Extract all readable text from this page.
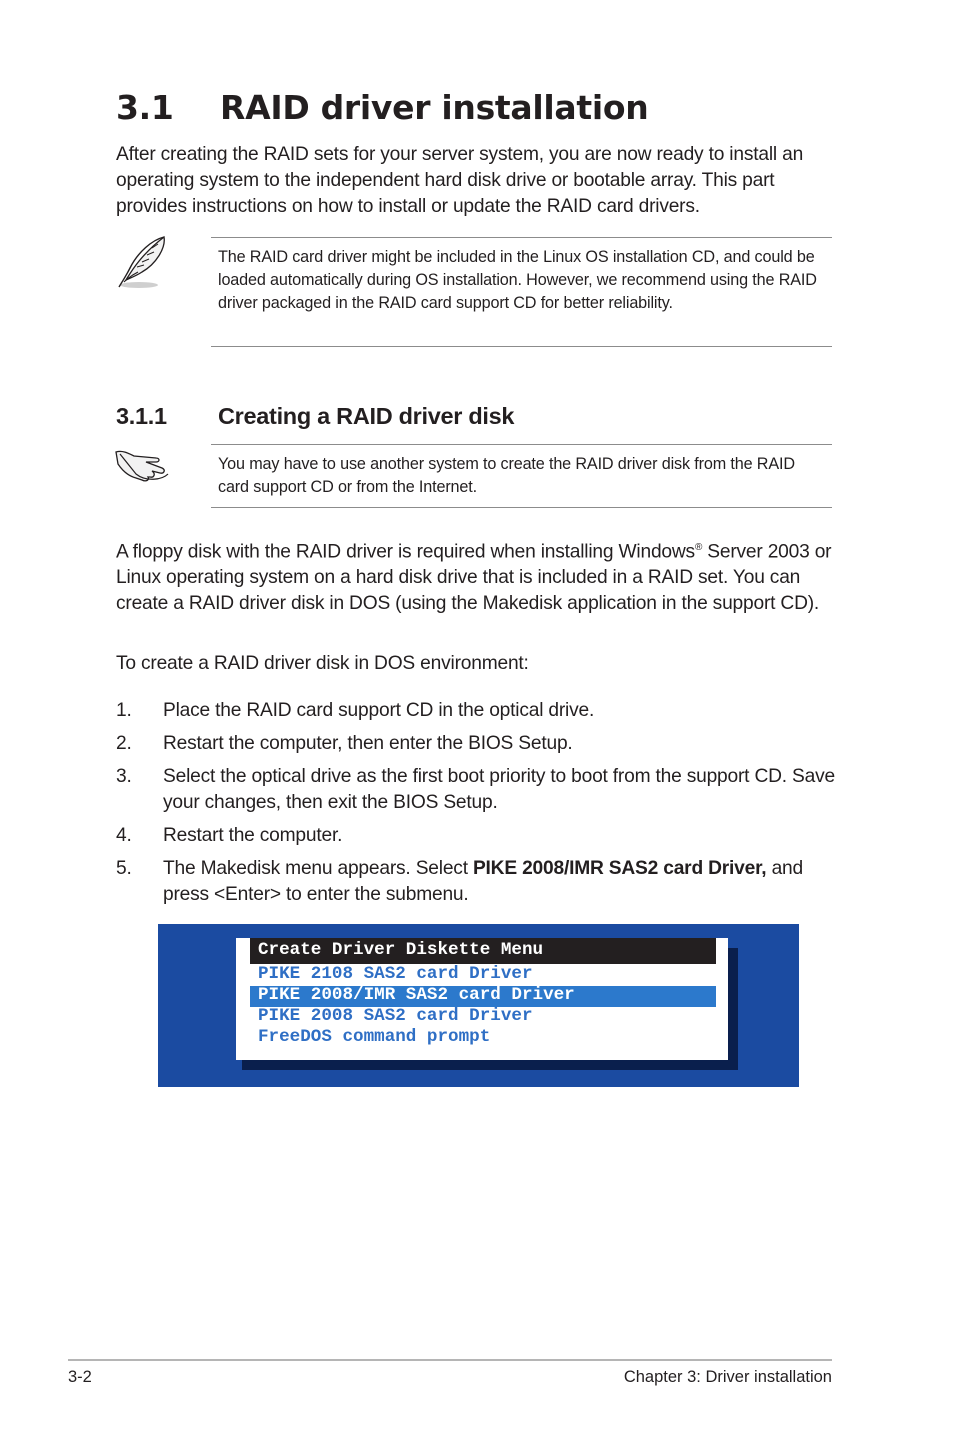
3.1 RAID driver installation
After creating the RAID sets for your server system, you are now ready to install an operating system to the independent hard disk drive or bootable array. This part provides instructions on how to install or update the RAID card drivers.
The RAID card driver might be included in the Linux OS installation CD, and could be loaded automatically during OS installation. However, we recommend using the RAID driver packaged in the RAID card support CD for better reliability.
3.1.1 Creating a RAID driver disk
You may have to use another system to create the RAID driver disk from the RAID card support CD or from the Internet.
A floppy disk with the RAID driver is required when installing Windows® Server 2003 or Linux operating system on a hard disk drive that is included in a RAID set. You can create a RAID driver disk in DOS (using the Makedisk application in the support CD).
To create a RAID driver disk in DOS environment:
1. Place the RAID card support CD in the optical drive.
2. Restart the computer, then enter the BIOS Setup.
3. Select the optical drive as the first boot priority to boot from the support CD. Save your changes, then exit the BIOS Setup.
4. Restart the computer.
5. The Makedisk menu appears. Select PIKE 2008/IMR SAS2 card Driver, and press <Enter> to enter the submenu.
Create Driver Diskette Menu
PIKE 2108 SAS2 card Driver
PIKE 2008/IMR SAS2 card Driver
PIKE 2008 SAS2 card Driver
FreeDOS command prompt
3-2	Chapter 3: Driver installation
